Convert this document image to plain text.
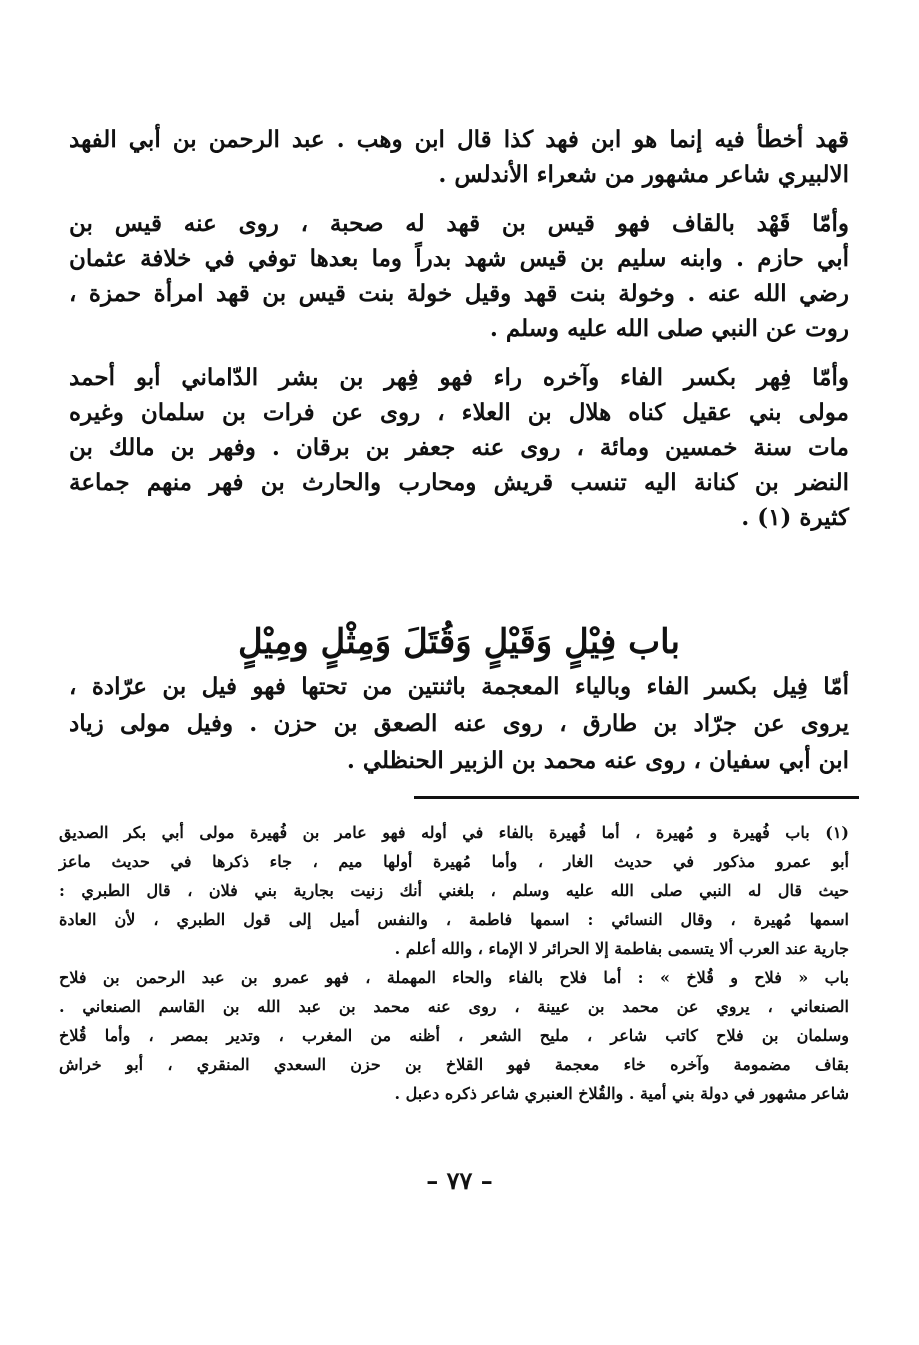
قهد أخطأ فيه إنما هو ابن فهد كذا قال ابن وهب . عبد الرحمن بن أبي الفهد
الالبيري شاعر مشهور من شعراء الأندلس .
وأمّا قَهْد بالقاف فهو قيس بن قهد له صحبة ، روى عنه قيس بن
أبي حازم . وابنه سليم بن قيس شهد بدراً وما بعدها توفي في خلافة عثمان
رضي الله عنه . وخولة بنت قهد وقيل خولة بنت قيس بن قهد امرأة حمزة ،
روت عن النبي صلى الله عليه وسلم .
وأمّا فِهر بكسر الفاء وآخره راء فهو فِهر بن بشر الدّاماني أبو أحمد
مولى بني عقيل كناه هلال بن العلاء ، روى عن فرات بن سلمان وغيره
مات سنة خمسين ومائة ، روى عنه جعفر بن برقان . وفهر بن مالك بن
النضر بن كنانة اليه تنسب قريش ومحارب والحارث بن فهر منهم جماعة
كثيرة (١) .
باب فِيْلٍ وَقَيْلٍ وَقُتَلَ وَمِثْلٍ ومِيْلٍ
أمّا فِيل بكسر الفاء وبالياء المعجمة باثنتين من تحتها فهو فيل بن عرّادة ،
يروى عن جرّاد بن طارق ، روى عنه الصعق بن حزن . وفيل مولى زياد
ابن أبي سفيان ، روى عنه محمد بن الزبير الحنظلي .
(١) باب فُهيرة و مُهيرة ، أما فُهيرة بالفاء في أوله فهو عامر بن فُهيرة مولى أبي بكر الصديق
أبو عمرو مذكور في حديث الغار ، وأما مُهيرة أولها ميم ، جاء ذكرها في حديث ماعز
حيث قال له النبي صلى الله عليه وسلم ، بلغني أنك زنيت بجارية بني فلان ، قال الطبري :
اسمها مُهيرة ، وقال النسائي : اسمها فاطمة ، والنفس أميل إلى قول الطبري ، لأن العادة
جارية عند العرب ألا يتسمى بفاطمة إلا الحرائر لا الإماء ، والله أعلم .
باب « فلاح و قُلاخ » : أما فلاح بالفاء والحاء المهملة ، فهو عمرو بن عبد الرحمن بن فلاح
الصنعاني ، يروي عن محمد بن عيينة ، روى عنه محمد بن عبد الله بن القاسم الصنعاني .
وسلمان بن فلاح كاتب شاعر ، مليح الشعر ، أظنه من المغرب ، وتدير بمصر ، وأما قُلاخ
بقاف مضمومة وآخره خاء معجمة فهو القلاخ بن حزن السعدي المنقري ، أبو خراش
شاعر مشهور في دولة بني أمية . والقُلاخ العنبري شاعر ذكره دعبل .
– ٧٧ –
